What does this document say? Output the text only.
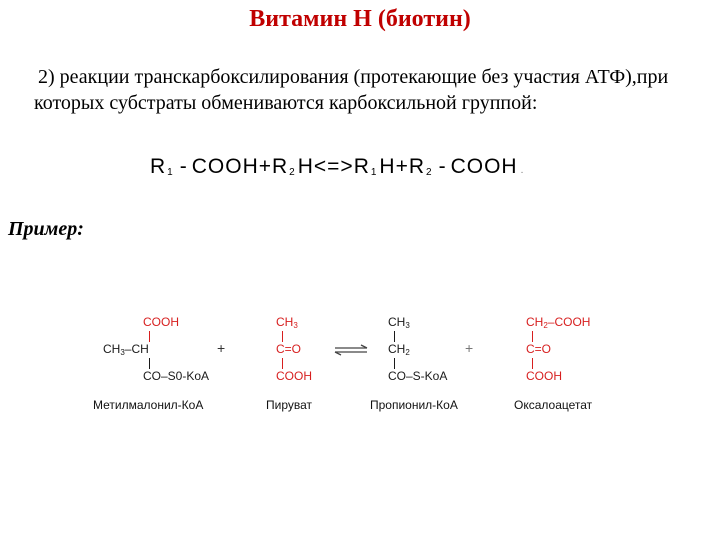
Витамин Н (биотин)
2) реакции транскарбоксилирования (протекающие без участия АТФ),при которых субстраты обмениваются карбоксильной группой:
$R_1$ - $COOH+R_2$ $H<=>R_1$ $H+R_2$ - COOH .
Пример:
COOH
$CH_3-CH$
CO–S0-KoA
Метилмалонил-КоА
+
$CH_3$
C=O
COOH
Пируват
$CH_3$
$CH_2$
CO–S-KoA
Пропионил-КоА
+
$CH_2$–COOH
C=O
COOH
Оксалоацетат
